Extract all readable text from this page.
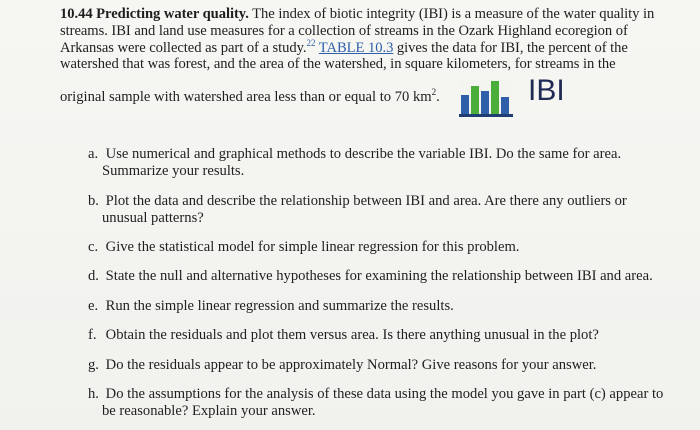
10.44 Predicting water quality. The index of biotic integrity (IBI) is a measure of the water quality in streams. IBI and land use measures for a collection of streams in the Ozark Highland ecoregion of Arkansas were collected as part of a study.$^{22}$ TABLE 10.3 gives the data for IBI, the percent of the watershed that was forest, and the area of the watershed, in square kilometers, for streams in the
original sample with watershed area less than or equal to 70 $km^2$.	IBI
a. Use numerical and graphical methods to describe the variable IBI. Do the same for area.
Summarize your results.
b. Plot the data and describe the relationship between IBI and area. Are there any outliers or
unusual patterns?
c. Give the statistical model for simple linear regression for this problem.
d. State the null and alternative hypotheses for examining the relationship between IBI and area.
e. Run the simple linear regression and summarize the results.
f. Obtain the residuals and plot them versus area. Is there anything unusual in the plot?
g. Do the residuals appear to be approximately Normal? Give reasons for your answer.
h. Do the assumptions for the analysis of these data using the model you gave in part (c) appear to
be reasonable? Explain your answer.
